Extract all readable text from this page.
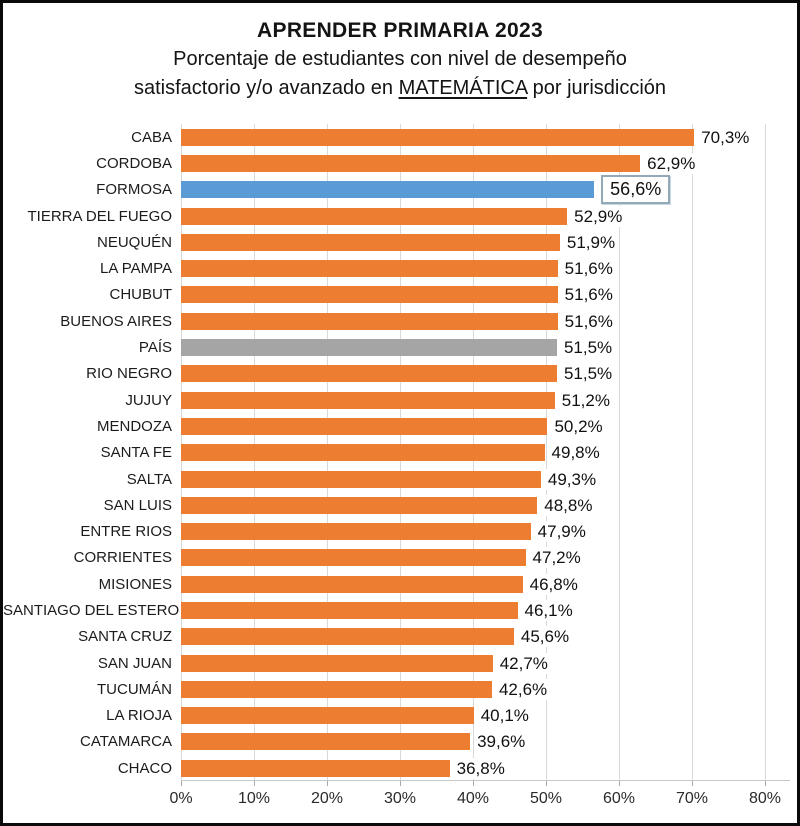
APRENDER PRIMARIA 2023
Porcentaje de estudiantes con nivel de desempeño
satisfactorio y/o avanzado en MATEMÁTICA por jurisdicción
CABA	70,3%
CORDOBA	62,9%
FORMOSA	56,6%
TIERRA DEL FUEGO	52,9%
NEUQUÉN	51,9%
LA PAMPA	51,6%
CHUBUT	51,6%
BUENOS AIRES	51,6%
PAÍS	51,5%
RIO NEGRO	51,5%
JUJUY	51,2%
MENDOZA	50,2%
SANTA FE	49,8%
SALTA	49,3%
SAN LUIS	48,8%
ENTRE RIOS	47,9%
CORRIENTES	47,2%
MISIONES	46,8%
SANTIAGO DEL ESTERO	46,1%
SANTA CRUZ	45,6%
SAN JUAN	42,7%
TUCUMÁN	42,6%
LA RIOJA	40,1%
CATAMARCA	39,6%
CHACO	36,8%
0%	10%	20%	30%	40%	50%	60%	70%	80%
